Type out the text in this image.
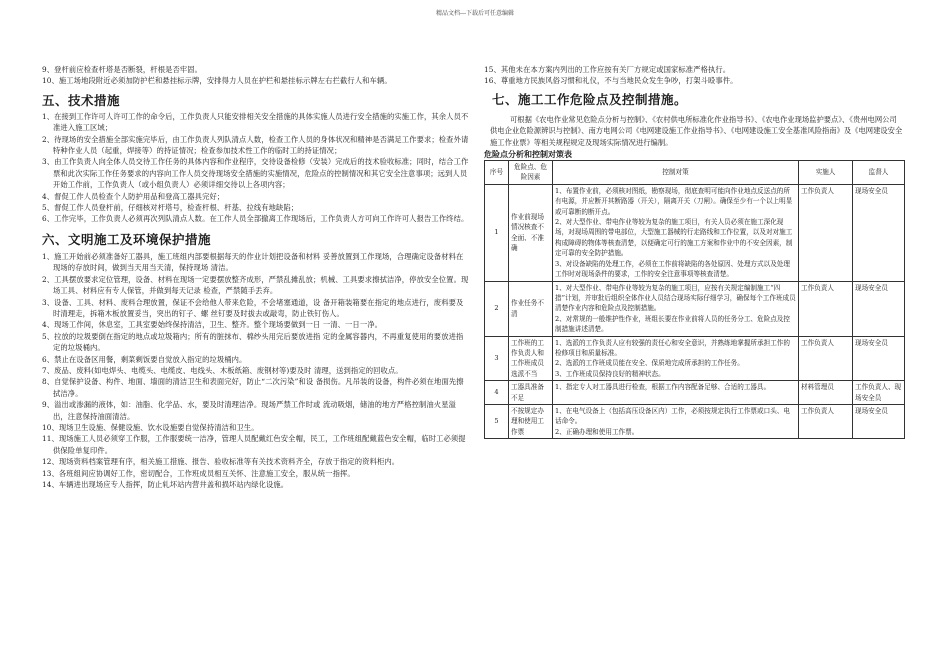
精品文档---下载后可任意编辑
9、登杆前应检查杆塔是否断裂，杆根是否牢固。
10、施工场地段附近必须加防护栏和悬挂标示牌，安排得力人员在护栏和悬挂标示牌左右拦截行人和车辆。
五、技术措施
1、在接到工作许可人许可工作的命令后，工作负责人只能安排相关安全措施的具体实施人员进行安全措施的实施工作，其余人员不准进入施工区域；
2、待现场的安全措施全部实施完毕后，由工作负责人列队清点人数，检查工作人员的身体状况和精神是否满足工作要求；检查外请特种作业人员（起重，焊接等）的持证情况；检查参加技术性工作的临时工的持证情况；
3、由工作负责人向全体人员交待工作任务的具体内容和作业程序，交待设备检修（安装）完成后的技术验收标准；同时，结合工作票和此次实际工作任务要求的内容向工作人员交待现场安全措施的实施情况，危险点的控制情况和其它安全注意事项；远到人员开始工作前，工作负责人（或小组负责人）必须详细交待以上各项内容；
4、督促工作人员检查个人防护用品和登高工器具完好；
5、督促工作人员登杆前，仔细核对杆塔号，检查杆根、杆基、拉线有地缺陷；
6、工作完毕，工作负责人必须再次列队清点人数。在工作人员全部撤离工作现场后，工作负责人方可向工作许可人报告工作终结。
六、文明施工及环境保护措施
1、施工开始前必须准备好工器具，施工班组内部要根据每天的作业计划把设备和材料 妥善放置到工作现场，合理确定设备材料在现场的存放时间，做到当天用当天清，保持现场 清洁。
2、工具摆放要求定位管理，设备、材料在现场一定要摆放整齐成形，严禁乱摊乱放；机械、工具要求擦拭洁净，停放安全位置。现场工具、材料应有专人保管，并做到每天记录 检查，严禁随手丢弃。
3、设备、工具、材料、废料合理放置，保证不会给他人带来危险，不会堵塞通道，设 备开箱装箱要在指定的地点进行，废料要及时清理走，拆箱木板放置妥当，突出的钉子、螺 丝钉要及时拔去或敲弯，防止铁钉伤人。
4、现场工作间，休息室，工具室要始终保持清洁，卫生、整齐。整个现场要做到一日 一清、一日一净。
5、拉放的垃圾要倒在指定的地点或垃圾箱内；所有的脏抹布、棉纱头用完后要放进指 定的金属容器内，不再重复使用的要放进指定的垃圾桶内。
6、禁止在设备区用餐，剩菜剩饭要自觉放入指定的垃圾桶内。
7、废品、废料(如电焊头、电缆头、电缆皮、电线头、木板纸箱、废钢材等)要及时 清理，送到指定的回收点。
8、自觉保护设备、构件、地面、墙面的清洁卫生和表面完好，防止“二次污染”和设 备损伤。凡吊装的设备，构件必须在地面先擦拭洁净。
9、溢出或渗漏的液体，如：油脂、化学品、水，要及时清理洁净。现场严禁工作时或 流动吸烟，储油的地方严格控制油火星溢出，注意保持油面清洁。
10、现场卫生设施、保健设施、饮水设施要自觉保持清洁和卫生。
11、现场施工人员必须穿工作服，工作服要统一洁净，管理人员配戴红色安全帽，民工，工作班组配戴蓝色安全帽，临时工必须提供保险单复印件。
12、现场资料档案管理有序，相关施工措施、报告、验收标准等有关技术资料齐全，存放于指定的资料柜内。
13、各班组间应协调好工作，密切配合，工作班成员相互关怀、注意施工安全，服从统一指挥。
14、车辆进出现场应专人指挥，防止轧坏站内营井盖和损坏站内绿化设施。
15、其他未在本方案内列出的工作应按有关厂方规定或国家标准严格执行。
16、尊重地方民族风俗习惯和礼仪，不与当地民众发生争吵，打架斗殴事件。
七、施工工作危险点及控制措施。
可根据《农电作业常见危险点分析与控制》、《农村供电所标准化作业指导书》、《农电作业现场监护要点》、《贵州电网公司供电企业危险源辨识与控制》、南方电网公司《电网建设施工作业指导书》、《电网建设施工安全基准风险指南》及《电网建设安全施工作业票》等相关规程规定及现场实际情况进行编制。
危险点分析和控制对策表
序号	危险点、危险因素	控制对策	实施人	监督人
1	作业前现场情况核查不全面、不准确	1、布置作业前，必须核对图纸，勘察现场，彻底查明可能向作业地点反送点的所有电源，并应断开其断路器（开关），隔离开关（刀闸）。确保至少有一个以上明显或可靠断的断开点。
2、对大型作业、带电作业等较为复杂的施工项目，有关人员必须在施工深化现场，对现场周围的带电部位，大型施工器械的行走路线和工作位置，以及对对施工构成障碍的物体等核查清楚，以便确定可行的施工方案和作业中的不安全因素，制定可靠的安全防护措施。
3、对设备缺陷的处理工作，必须在工作前将缺陷的各处原因、处理方式以及处理工作时对现场条件的要求，工作的安全注意事项等核查清楚。	工作负责人	现场安全员
2	作业任务不清	1、对大型作业、带电作业等较为复杂的施工项目，应按有关规定编制施工“四措”计划，并审批后组织全体作业人员结合现场实际仔细学习，确保每个工作班成员清楚作业内容和危险点及控制措施。
2、对常规的一般维护性作业，班组长要在作业前将人员的任务分工、危险点及控制措施讲述清楚。	工作负责人	现场安全员
3	工作班的工作负责人和工作班成员选派不当	1、选派的工作负责人应有较强的责任心和安全意识，并熟练地掌握所承担工作的检修项目和质量标准。
2、选派的工作班成员能在安全、保质地完成所承担的工作任务。
3、工作班成员保持良好的精神状态。	工作负责人	现场安全员
4	工器具准备不足	1、指定专人对工器具进行检查，根据工作内容配备足够、合适的工器具。	材料管理员	工作负责人、现场安全员
5	不按规定办理和使用工作票	1、在电气设备上（包括高压设备区内）工作，必须按规定执行工作票或口头、电话命令。
2、正确办理和使用工作票。	工作负责人	现场安全员
